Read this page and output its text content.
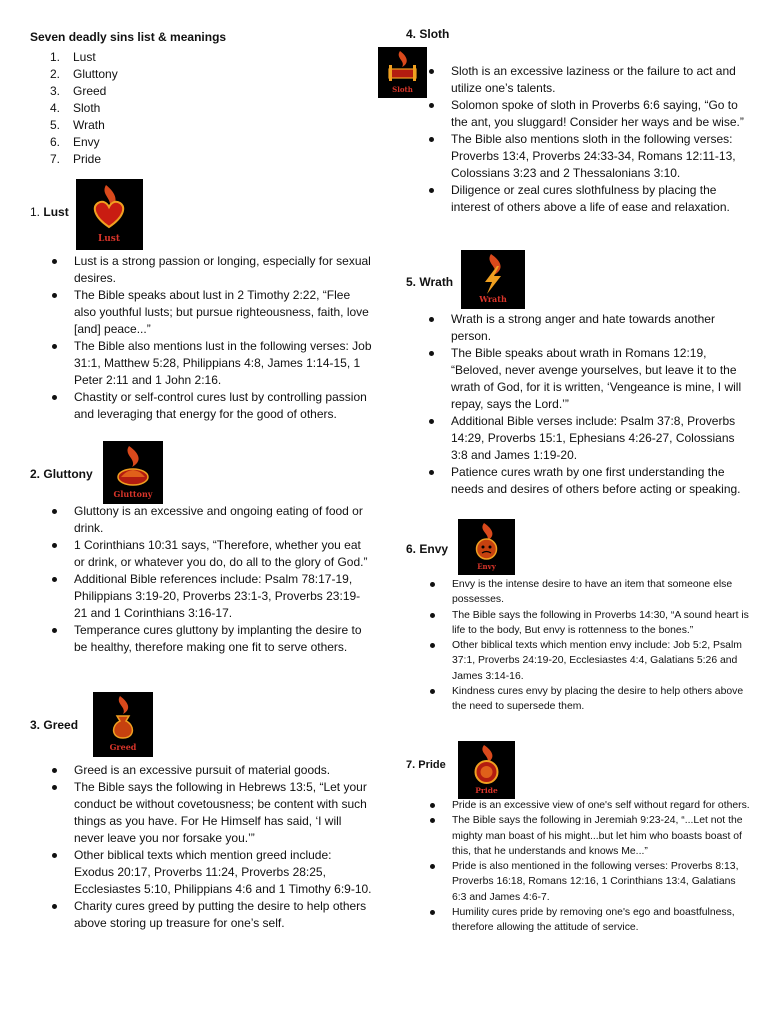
Seven deadly sins list & meanings
1. Lust
2. Gluttony
3. Greed
4. Sloth
5. Wrath
6. Envy
7. Pride
1. Lust
Lust
Lust is a strong passion or longing, especially for sexual desires.
The Bible speaks about lust in 2 Timothy 2:22, “Flee also youthful lusts; but pursue righteousness, faith, love [and] peace...”
The Bible also mentions lust in the following verses: Job 31:1, Matthew 5:28, Philippians 4:8, James 1:14-15, 1 Peter 2:11 and 1 John 2:16.
Chastity or self-control cures lust by controlling passion and leveraging that energy for the good of others.
2. Gluttony
Gluttony
Gluttony is an excessive and ongoing eating of food or drink.
1 Corinthians 10:31 says, “Therefore, whether you eat or drink, or whatever you do, do all to the glory of God.”
Additional Bible references include: Psalm 78:17-19, Philippians 3:19-20, Proverbs 23:1-3, Proverbs 23:19-21 and 1 Corinthians 3:16-17.
Temperance cures gluttony by implanting the desire to be healthy, therefore making one fit to serve others.
3. Greed
Greed
Greed is an excessive pursuit of material goods.
The Bible says the following in Hebrews 13:5, “Let your conduct be without covetousness; be content with such things as you have. For He Himself has said, ‘I will never leave you nor forsake you.’”
Other biblical texts which mention greed include: Exodus 20:17, Proverbs 11:24, Proverbs 28:25, Ecclesiastes 5:10, Philippians 4:6 and 1 Timothy 6:9-10.
Charity cures greed by putting the desire to help others above storing up treasure for one’s self.
4. Sloth
Sloth
Sloth is an excessive laziness or the failure to act and utilize one’s talents.
Solomon spoke of sloth in Proverbs 6:6 saying, “Go to the ant, you sluggard! Consider her ways and be wise.”
The Bible also mentions sloth in the following verses: Proverbs 13:4, Proverbs 24:33-34, Romans 12:11-13, Colossians 3:23 and 2 Thessalonians 3:10.
Diligence or zeal cures slothfulness by placing the interest of others above a life of ease and relaxation.
5. Wrath
Wrath
Wrath is a strong anger and hate towards another person.
The Bible speaks about wrath in Romans 12:19, “Beloved, never avenge yourselves, but leave it to the wrath of God, for it is written, ‘Vengeance is mine, I will repay, says the Lord.’”
Additional Bible verses include: Psalm 37:8, Proverbs 14:29, Proverbs 15:1, Ephesians 4:26-27, Colossians 3:8 and James 1:19-20.
Patience cures wrath by one first understanding the needs and desires of others before acting or speaking.
6. Envy
Envy
Envy is the intense desire to have an item that someone else possesses.
The Bible says the following in Proverbs 14:30, “A sound heart is life to the body, But envy is rottenness to the bones.”
Other biblical texts which mention envy include: Job 5:2, Psalm 37:1, Proverbs 24:19-20, Ecclesiastes 4:4, Galatians 5:26 and James 3:14-16.
Kindness cures envy by placing the desire to help others above the need to supersede them.
7. Pride
Pride
Pride is an excessive view of one's self without regard for others.
The Bible says the following in Jeremiah 9:23-24, “...Let not the mighty man boast of his might...but let him who boasts boast of this, that he understands and knows Me...”
Pride is also mentioned in the following verses: Proverbs 8:13, Proverbs 16:18, Romans 12:16, 1 Corinthians 13:4, Galatians 6:3 and James 4:6-7.
Humility cures pride by removing one's ego and boastfulness, therefore allowing the attitude of service.
